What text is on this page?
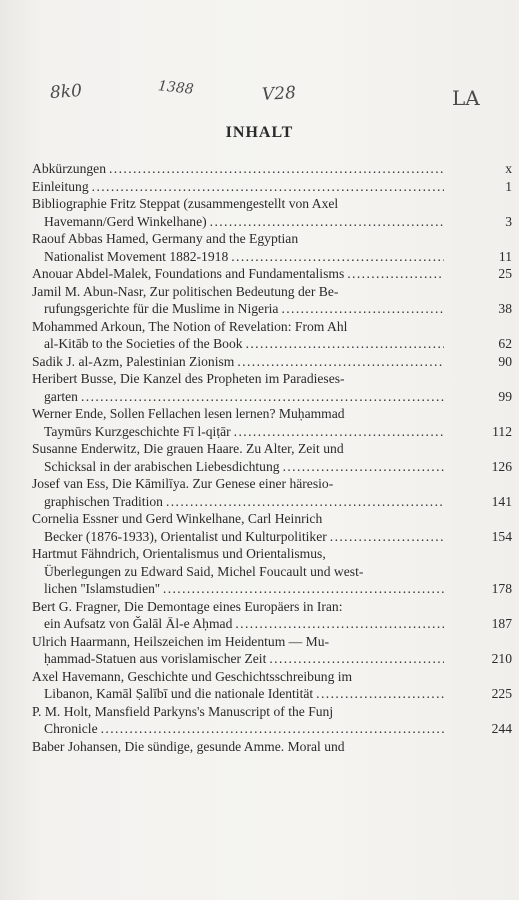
8k0	1388	V28	LA
INHALT
Abkürzungen . . .	x
Einleitung . . .	1
Bibliographie Fritz Steppat (zusammengestellt von Axel
Havemann/Gerd Winkelhane) . . .	3
Raouf Abbas Hamed, Germany and the Egyptian
Nationalist Movement 1882-1918 . . .	11
Anouar Abdel-Malek, Foundations and Fundamentalisms . . .	25
Jamil M. Abun-Nasr, Zur politischen Bedeutung der Be-
rufungsgerichte für die Muslime in Nigeria . . .	38
Mohammed Arkoun, The Notion of Revelation: From Ahl
al-Kitāb to the Societies of the Book . . .	62
Sadik J. al-Azm, Palestinian Zionism . . .	90
Heribert Busse, Die Kanzel des Propheten im Paradieses-
garten . . .	99
Werner Ende, Sollen Fellachen lesen lernen? Muḥammad
Taymūrs Kurzgeschichte Fī l-qiṭār . . .	112
Susanne Enderwitz, Die grauen Haare. Zu Alter, Zeit und
Schicksal in der arabischen Liebesdichtung . . .	126
Josef van Ess, Die Kāmilīya. Zur Genese einer häresio-
graphischen Tradition . . .	141
Cornelia Essner und Gerd Winkelhane, Carl Heinrich
Becker (1876-1933), Orientalist und Kulturpolitiker . . .	154
Hartmut Fähndrich, Orientalismus und Orientalismus,
Überlegungen zu Edward Said, Michel Foucault und west-
lichen ''Islamstudien'' . . .	178
Bert G. Fragner, Die Demontage eines Europäers in Iran:
ein Aufsatz von Ǧalāl Āl-e Aḥmad . . .	187
Ulrich Haarmann, Heilszeichen im Heidentum — Mu-
ḥammad-Statuen aus vorislamischer Zeit . . .	210
Axel Havemann, Geschichte und Geschichtsschreibung im
Libanon, Kamāl Ṣalībī und die nationale Identität . . .	225
P. M. Holt, Mansfield Parkyns's Manuscript of the Funj
Chronicle . . .	244
Baber Johansen, Die sündige, gesunde Amme. Moral und
